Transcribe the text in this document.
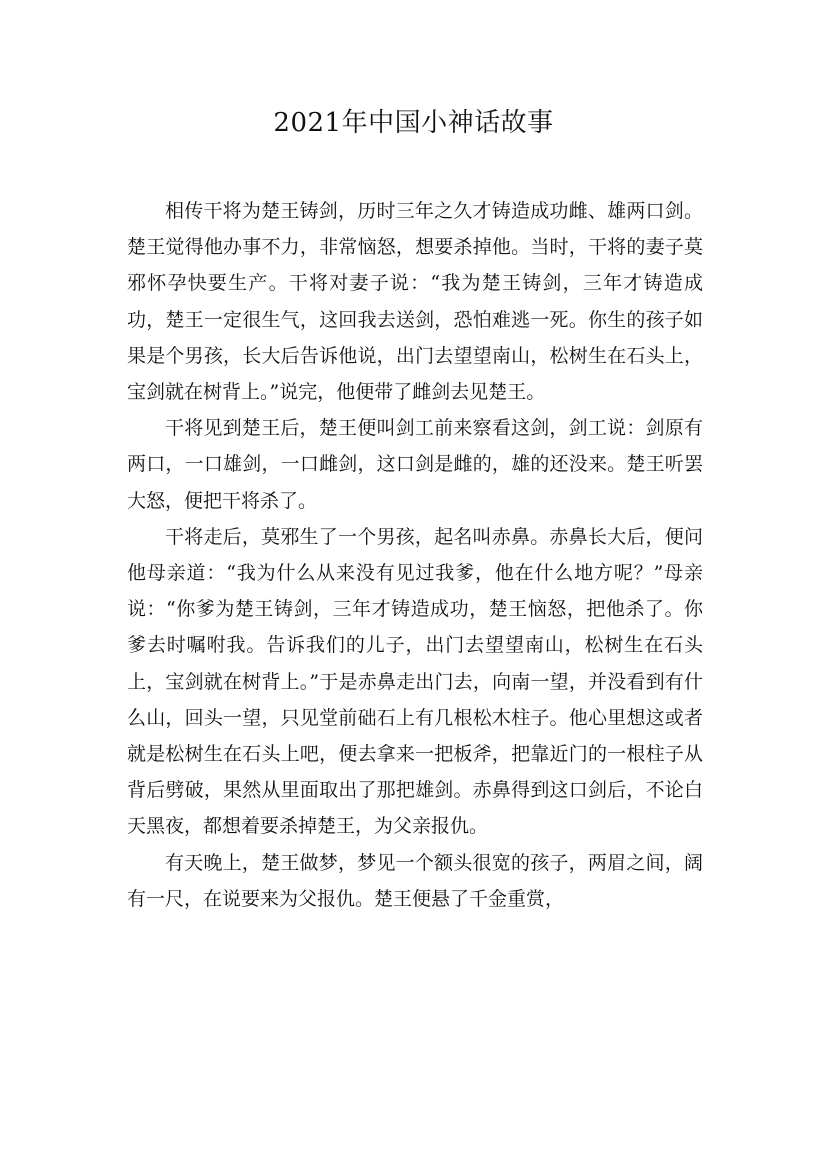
2021年中国小神话故事

相传干将为楚王铸剑，历时三年之久才铸造成功雌、雄两口剑。楚王觉得他办事不力，非常恼怒，想要杀掉他。当时，干将的妻子莫邪怀孕快要生产。干将对妻子说：“我为楚王铸剑，三年才铸造成功，楚王一定很生气，这回我去送剑，恐怕难逃一死。你生的孩子如果是个男孩，长大后告诉他说，出门去望望南山，松树生在石头上，宝剑就在树背上。”说完，他便带了雌剑去见楚王。

干将见到楚王后，楚王便叫剑工前来察看这剑，剑工说：剑原有两口，一口雄剑，一口雌剑，这口剑是雌的，雄的还没来。楚王听罢大怒，便把干将杀了。

干将走后，莫邪生了一个男孩，起名叫赤鼻。赤鼻长大后，便问他母亲道：“我为什么从来没有见过我爹，他在什么地方呢？”母亲说：“你爹为楚王铸剑，三年才铸造成功，楚王恼怒，把他杀了。你爹去时嘱咐我。告诉我们的儿子，出门去望望南山，松树生在石头上，宝剑就在树背上。”于是赤鼻走出门去，向南一望，并没看到有什么山，回头一望，只见堂前础石上有几根松木柱子。他心里想这或者就是松树生在石头上吧，便去拿来一把板斧，把靠近门的一根柱子从背后劈破，果然从里面取出了那把雄剑。赤鼻得到这口剑后，不论白天黑夜，都想着要杀掉楚王，为父亲报仇。

有天晚上，楚王做梦，梦见一个额头很宽的孩子，两眉之间，阔有一尺，在说要来为父报仇。楚王便悬了千金重赏，
